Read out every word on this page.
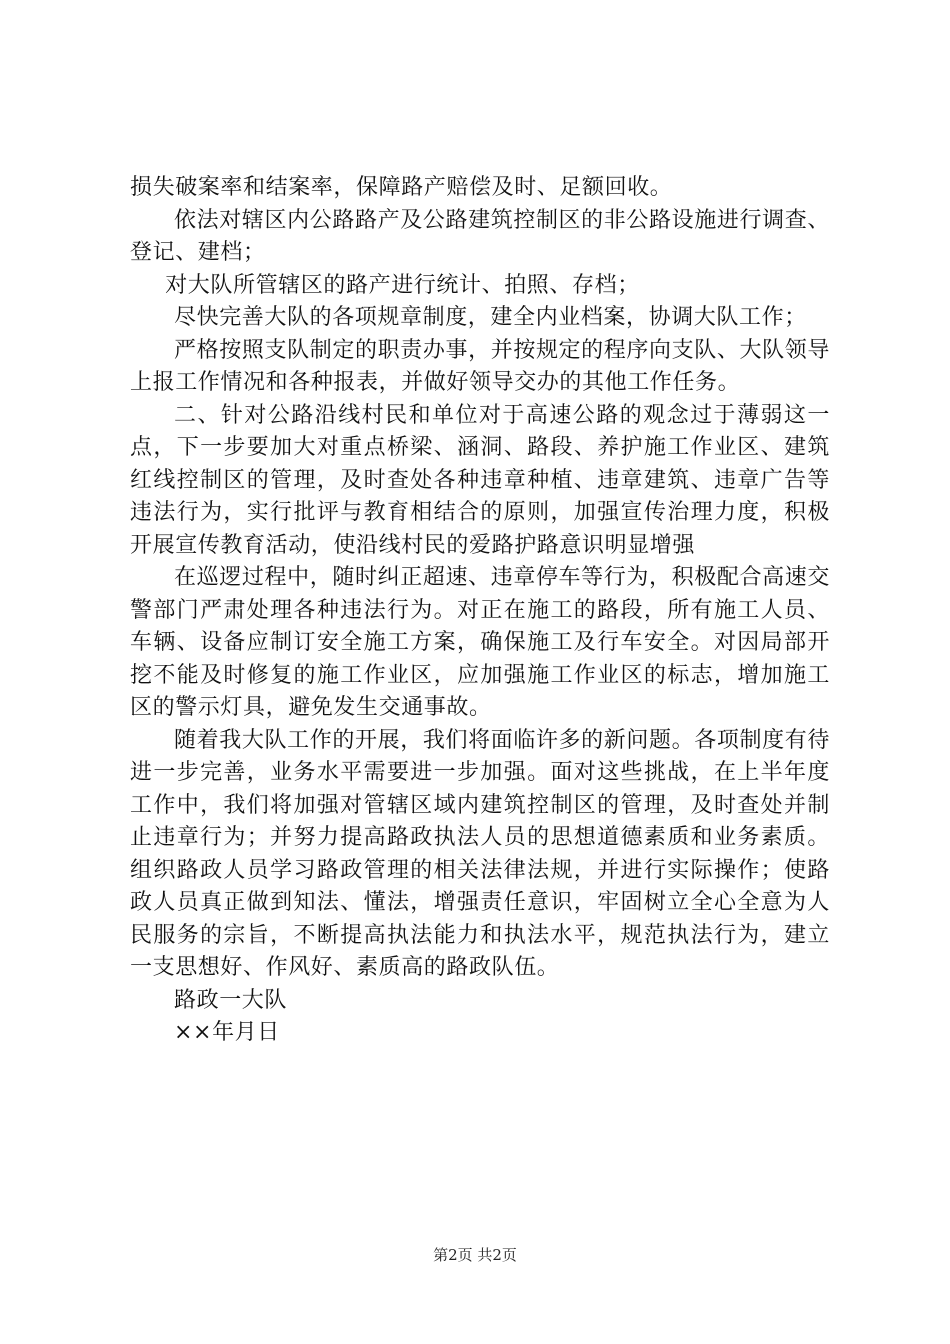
损失破案率和结案率，保障路产赔偿及时、足额回收。

依法对辖区内公路路产及公路建筑控制区的非公路设施进行调查、登记、建档；

对大队所管辖区的路产进行统计、拍照、存档；

尽快完善大队的各项规章制度，建全内业档案，协调大队工作；

严格按照支队制定的职责办事，并按规定的程序向支队、大队领导上报工作情况和各种报表，并做好领导交办的其他工作任务。

二、针对公路沿线村民和单位对于高速公路的观念过于薄弱这一点，下一步要加大对重点桥梁、涵洞、路段、养护施工作业区、建筑红线控制区的管理，及时查处各种违章种植、违章建筑、违章广告等违法行为，实行批评与教育相结合的原则，加强宣传治理力度，积极开展宣传教育活动，使沿线村民的爱路护路意识明显增强

在巡逻过程中，随时纠正超速、违章停车等行为，积极配合高速交警部门严肃处理各种违法行为。对正在施工的路段，所有施工人员、车辆、设备应制订安全施工方案，确保施工及行车安全。对因局部开挖不能及时修复的施工作业区，应加强施工作业区的标志，增加施工区的警示灯具，避免发生交通事故。

随着我大队工作的开展，我们将面临许多的新问题。各项制度有待进一步完善，业务水平需要进一步加强。面对这些挑战，在上半年度工作中，我们将加强对管辖区域内建筑控制区的管理，及时查处并制止违章行为；并努力提高路政执法人员的思想道德素质和业务素质。组织路政人员学习路政管理的相关法律法规，并进行实际操作；使路政人员真正做到知法、懂法，增强责任意识，牢固树立全心全意为人民服务的宗旨，不断提高执法能力和执法水平，规范执法行为，建立一支思想好、作风好、素质高的路政队伍。

路政一大队

××年月日

第2页 共2页
